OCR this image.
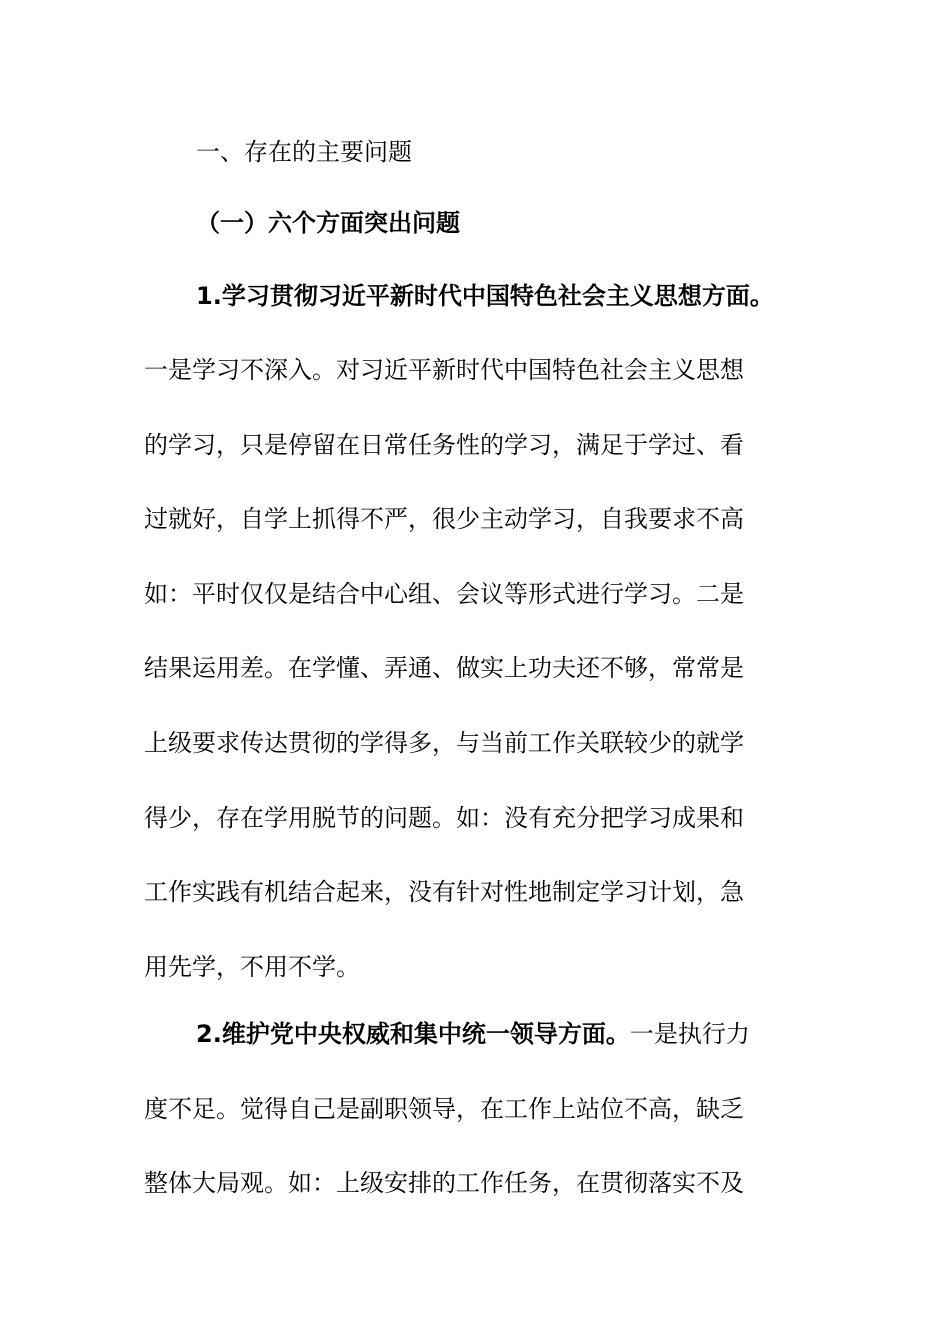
一、存在的主要问题

（一）六个方面突出问题

1.学习贯彻习近平新时代中国特色社会主义思想方面。

一是学习不深入。对习近平新时代中国特色社会主义思想

的学习，只是停留在日常任务性的学习，满足于学过、看

过就好，自学上抓得不严，很少主动学习，自我要求不高

如：平时仅仅是结合中心组、会议等形式进行学习。二是

结果运用差。在学懂、弄通、做实上功夫还不够，常常是

上级要求传达贯彻的学得多，与当前工作关联较少的就学

得少，存在学用脱节的问题。如：没有充分把学习成果和

工作实践有机结合起来，没有针对性地制定学习计划，急

用先学，不用不学。

2.维护党中央权威和集中统一领导方面。一是执行力

度不足。觉得自己是副职领导，在工作上站位不高，缺乏

整体大局观。如：上级安排的工作任务，在贯彻落实不及
